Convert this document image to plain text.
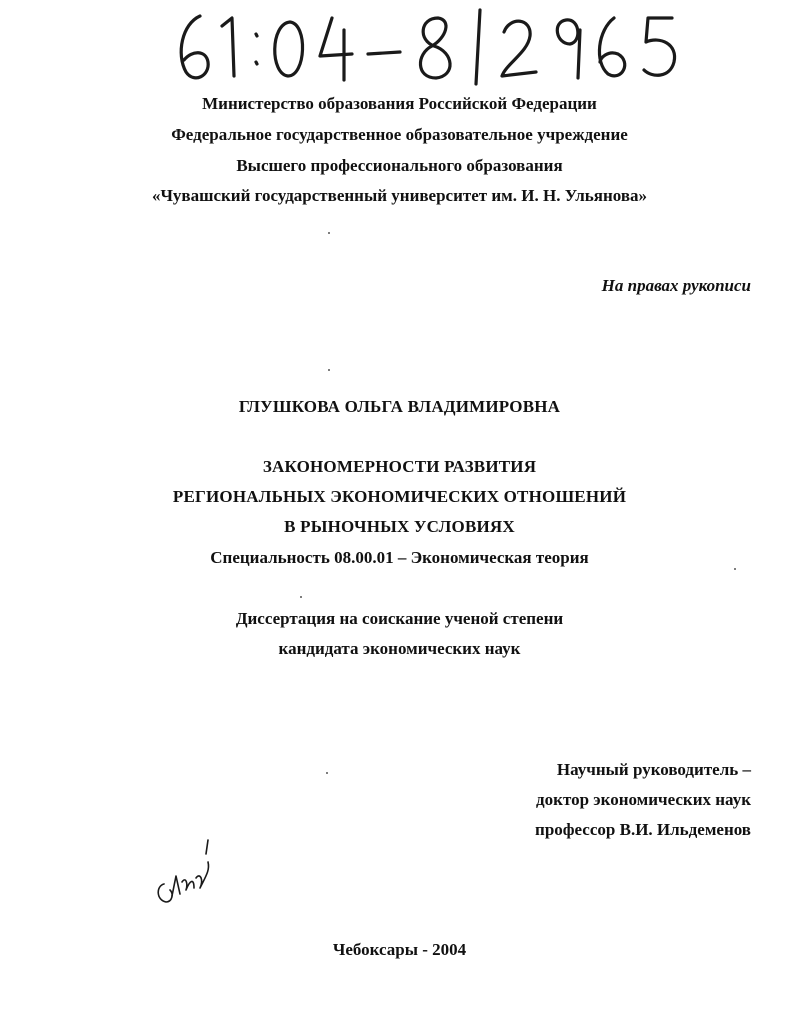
Министерство образования Российской Федерации
Федеральное государственное образовательное учреждение
Высшего профессионального образования
«Чувашский государственный университет им. И. Н. Ульянова»
На правах рукописи
ГЛУШКОВА ОЛЬГА ВЛАДИМИРОВНА
ЗАКОНОМЕРНОСТИ РАЗВИТИЯ
РЕГИОНАЛЬНЫХ ЭКОНОМИЧЕСКИХ ОТНОШЕНИЙ
В РЫНОЧНЫХ УСЛОВИЯХ
Специальность 08.00.01 – Экономическая теория
Диссертация на соискание ученой степени
кандидата экономических наук
Научный руководитель –
доктор экономических наук
профессор В.И. Ильдеменов
Чебоксары - 2004
